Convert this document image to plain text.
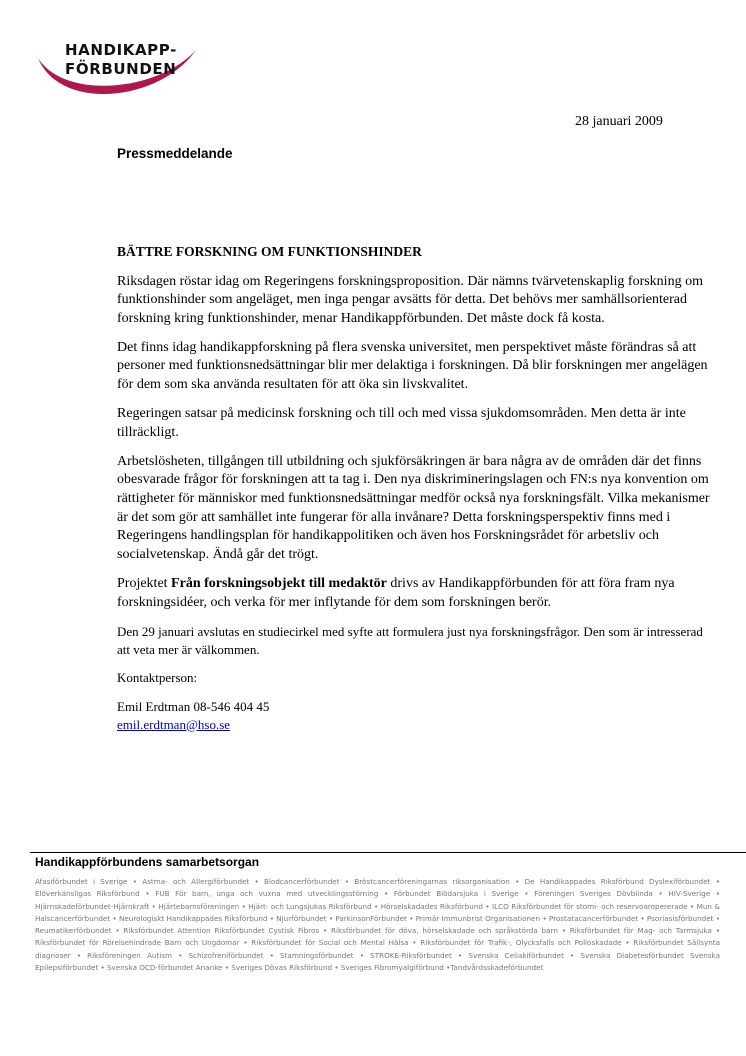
HANDIKAPP-
FÖRBUNDEN
28 januari 2009
Pressmeddelande

BÄTTRE FORSKNING OM FUNKTIONSHINDER

Riksdagen röstar idag om Regeringens forskningsproposition. Där nämns tvärvetenskaplig forskning om funktionshinder som angeläget, men inga pengar avsätts för detta. Det behövs mer samhällsorienterad forskning kring funktionshinder, menar Handikappförbunden. Det måste dock få kosta.

Det finns idag handikappforskning på flera svenska universitet, men perspektivet måste förändras så att personer med funktionsnedsättningar blir mer delaktiga i forskningen. Då blir forskningen mer angelägen för dem som ska använda resultaten för att öka sin livskvalitet.

Regeringen satsar på medicinsk forskning och till och med vissa sjukdomsområden. Men detta är inte tillräckligt.

Arbetslösheten, tillgången till utbildning och sjukförsäkringen är bara några av de områden där det finns obesvarade frågor för forskningen att ta tag i. Den nya diskrimineringslagen och FN:s nya konvention om rättigheter för människor med funktionsnedsättningar medför också nya forskningsfält. Vilka mekanismer är det som gör att samhället inte fungerar för alla invånare? Detta forskningsperspektiv finns med i Regeringens handlingsplan för handikappolitiken och även hos Forskningsrådet för arbetsliv och socialvetenskap. Ändå går det trögt.

Projektet Från forskningsobjekt till medaktör drivs av Handikappförbunden för att föra fram nya forskningsidéer, och verka för mer inflytande för dem som forskningen berör.

Den 29 januari avslutas en studiecirkel med syfte att formulera just nya forskningsfrågor. Den som är intresserad att veta mer är välkommen.

Kontaktperson:

Emil Erdtman 08-546 404 45

emil.erdtman@hso.se

Handikappförbundens samarbetsorgan
Afasiförbundet i Sverige • Astma- och Allergiförbundet • Blodcancerförbundet • Bröstcancerföreningarnas riksorganisation • De Handikappades Riksförbund Dyslexiförbundet • Elöverkänsligas Riksförbund • FUB För barn, unga och vuxna med utvecklingsstörning • Förbundet Blödarsjuka i Sverige • Föreningen Sveriges Dövblinda • HIV-Sverige • Hjärnskadeförbundet-Hjärnkraft • Hjärtebarnsföreningen • Hjärt- och Lungsjukas Riksförbund • Hörselskadades Riksförbund • ILCO Riksförbundet för stomi- och reservoaropererade • Mun & Halscancerförbundet • Neurologiskt Handikappades Riksförbund • Njurförbundet • ParkinsonFörbundet • Primär Immunbrist Organisationen • Prostatacancerförbundet • Psoriasisförbundet • Reumatikerförbundet • Riksförbundet Attention Riksförbundet Cystisk Fibros • Riksförbundet för döva, hörselskadade och språkstörda barn • Riksförbundet för Mag- och Tarmsjuka • Riksförbundet för Rörelsehindrade Barn och Ungdomar • Riksförbundet för Social och Mental Hälsa • Riksförbundet för Trafik-, Olycksfalls och Polioskadade • Riksförbundet Sällsynta diagnoser • Riksföreningen Autism • Schizofreniförbundet • Stamningsförbundet • STROKE-Riksförbundet • Svenska Celiakiförbundet • Svenska Diabetesförbundet Svenska Epilepsiförbundet • Svenska OCD-förbundet Ananke • Sveriges Dövas Riksförbund • Sveriges Fibromyalgiförbund •Tandvårdsskadeförbundet
